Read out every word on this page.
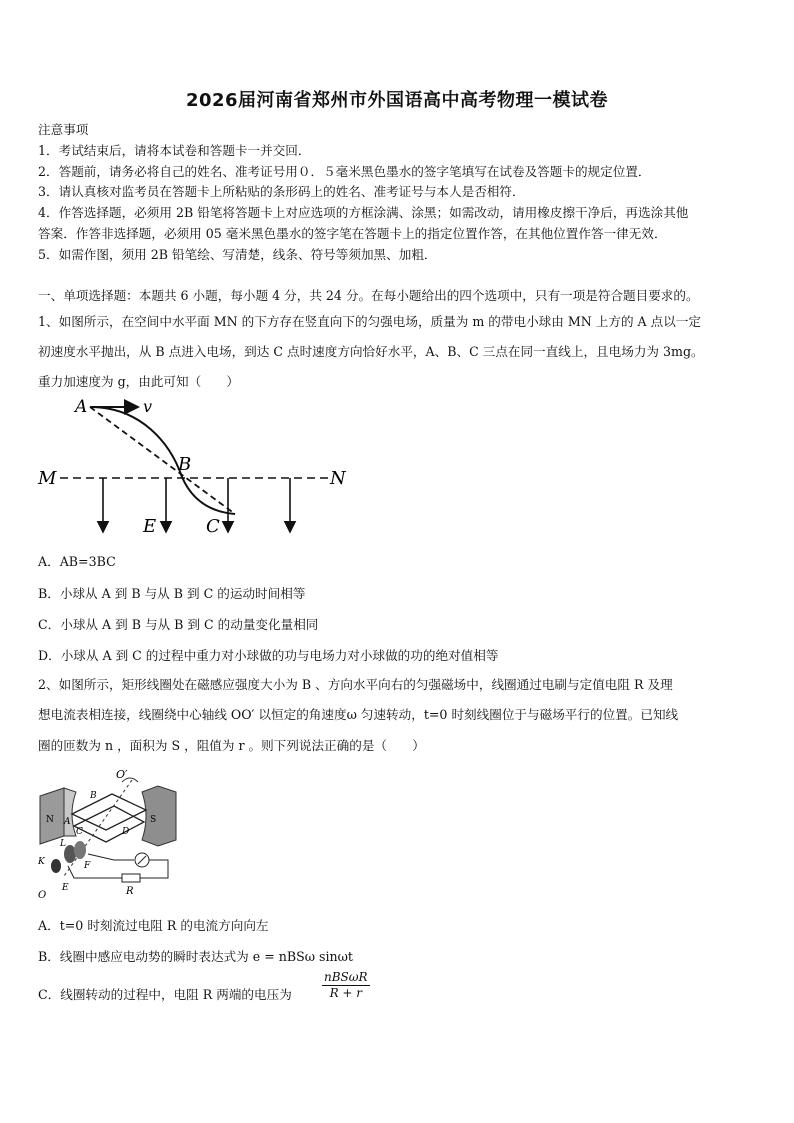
2026届河南省郑州市外国语高中高考物理一模试卷
注意事项
1．考试结束后，请将本试卷和答题卡一并交回．
2．答题前，请务必将自己的姓名、准考证号用０．５毫米黑色墨水的签字笔填写在试卷及答题卡的规定位置．
3．请认真核对监考员在答题卡上所粘贴的条形码上的姓名、准考证号与本人是否相符．
4．作答选择题，必须用 2B 铅笔将答题卡上对应选项的方框涂满、涂黑；如需改动，请用橡皮擦干净后，再选涂其他
答案．作答非选择题，必须用 05 毫米黑色墨水的签字笔在答题卡上的指定位置作答，在其他位置作答一律无效．
5．如需作图，须用 2B 铅笔绘、写清楚，线条、符号等须加黑、加粗．
一、单项选择题：本题共 6 小题，每小题 4 分，共 24 分。在每小题给出的四个选项中，只有一项是符合题目要求的。
1、如图所示，在空间中水平面 MN 的下方存在竖直向下的匀强电场，质量为 m 的带电小球由 MN 上方的 A 点以一定
初速度水平抛出，从 B 点进入电场，到达 C 点时速度方向恰好水平，A、B、C 三点在同一直线上，且电场力为 3mg。
重力加速度为 g，由此可知（　　）
A	v
M	N
B
E	C
A．AB=3BC
B．小球从 A 到 B 与从 B 到 C 的运动时间相等
C．小球从 A 到 B 与从 B 到 C 的动量变化量相同
D．小球从 A 到 C 的过程中重力对小球做的功与电场力对小球做的功的绝对值相等
2、如图所示，矩形线圈处在磁感应强度大小为 B 、方向水平向右的匀强磁场中，线圈通过电刷与定值电阻 R 及理
想电流表相连接，线圈绕中心轴线 OO′ 以恒定的角速度ω 匀速转动，t=0 时刻线圈位于与磁场平行的位置。已知线
圈的匝数为 n ，面积为 S ，阻值为 r 。则下列说法正确的是（　　）
O′
B
N	S
A
C	D
L
K	F
O
E	R
A．t=0 时刻流过电阻 R 的电流方向向左
B．线圈中感应电动势的瞬时表达式为 e = nBSω sinωt
C．线圈转动的过程中，电阻 R 两端的电压为
nBSωR
R + r
